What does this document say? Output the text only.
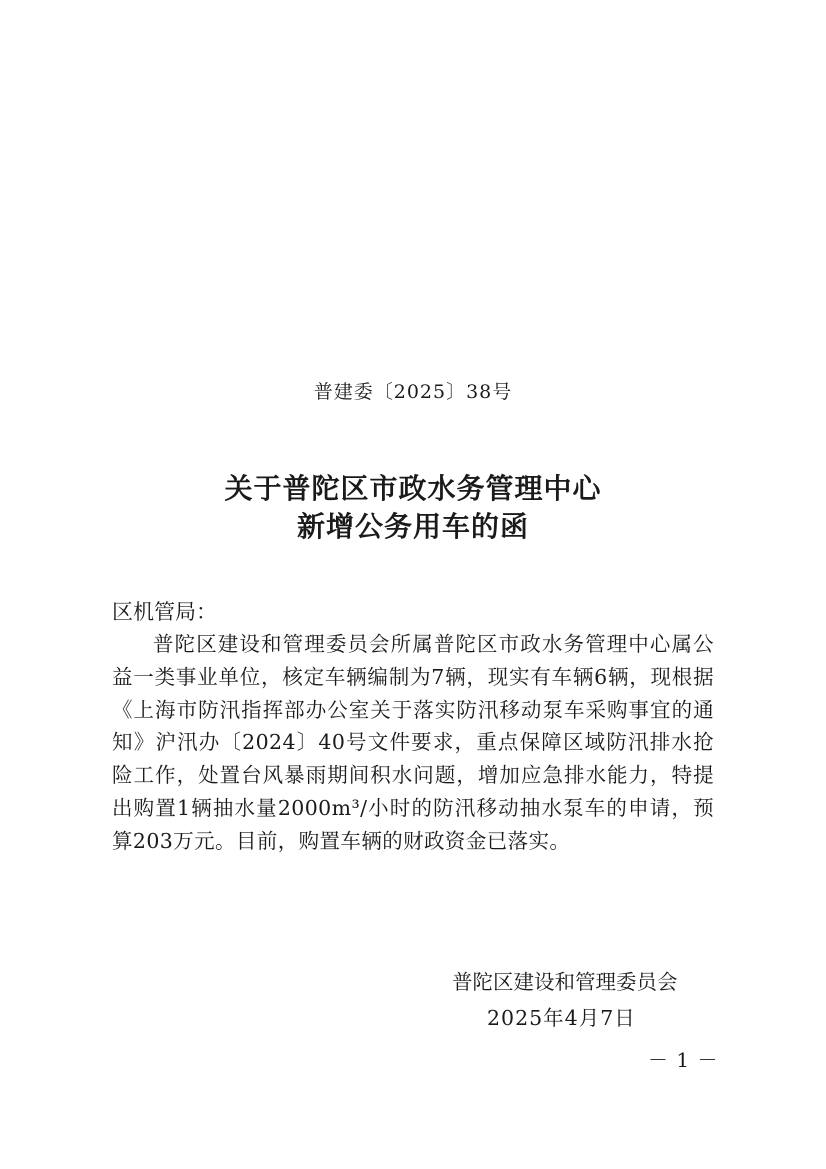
普建委〔2025〕38号
关于普陀区市政水务管理中心
新增公务用车的函
区机管局：

普陀区建设和管理委员会所属普陀区市政水务管理中心属公益一类事业单位，核定车辆编制为7辆，现实有车辆6辆，现根据《上海市防汛指挥部办公室关于落实防汛移动泵车采购事宜的通知》沪汛办〔2024〕40号文件要求，重点保障区域防汛排水抢险工作，处置台风暴雨期间积水问题，增加应急排水能力，特提出购置1辆抽水量2000m³/小时的防汛移动抽水泵车的申请，预算203万元。目前，购置车辆的财政资金已落实。

普陀区建设和管理委员会
2025年4月7日
－ 1 －
